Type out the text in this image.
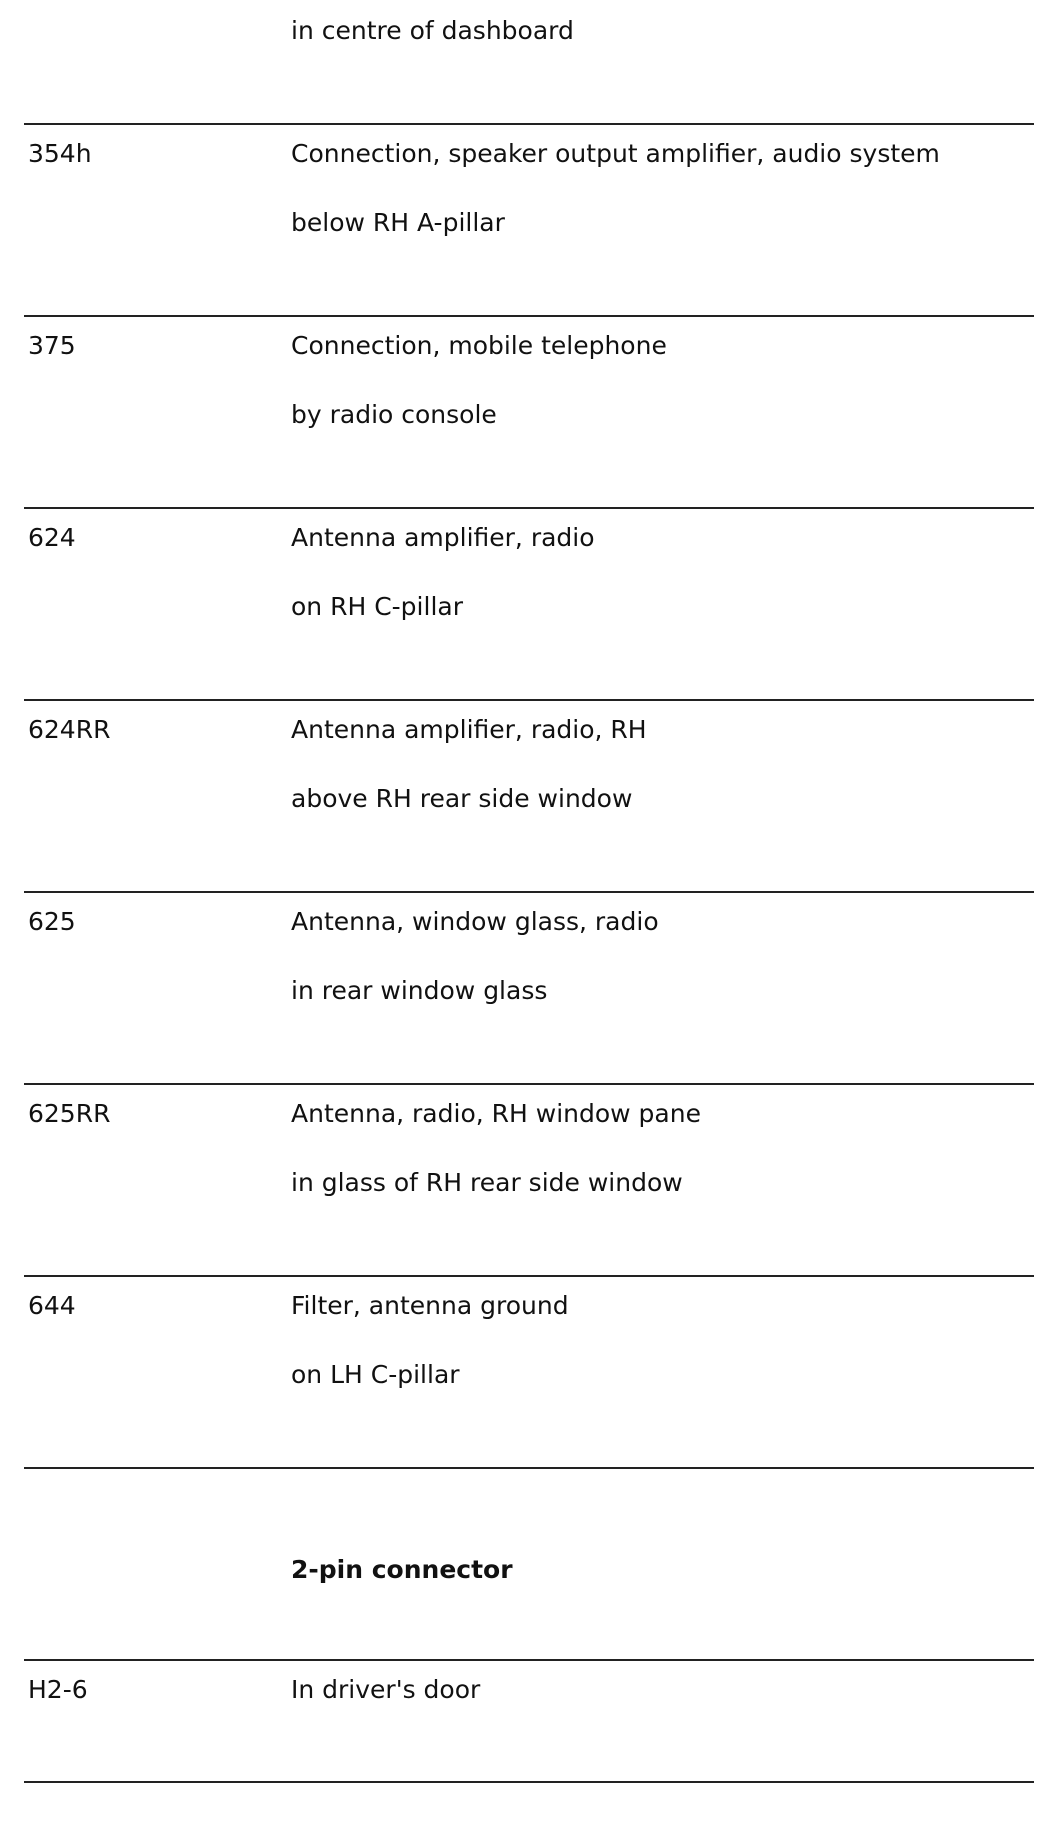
in centre of dashboard
354h	Connection, speaker output amplifier, audio system
below RH A-pillar
375	Connection, mobile telephone
by radio console
624	Antenna amplifier, radio
on RH C-pillar
624RR	Antenna amplifier, radio, RH
above RH rear side window
625	Antenna, window glass, radio
in rear window glass
625RR	Antenna, radio, RH window pane
in glass of RH rear side window
644	Filter, antenna ground
on LH C-pillar
2-pin connector
H2-6	In driver's door
